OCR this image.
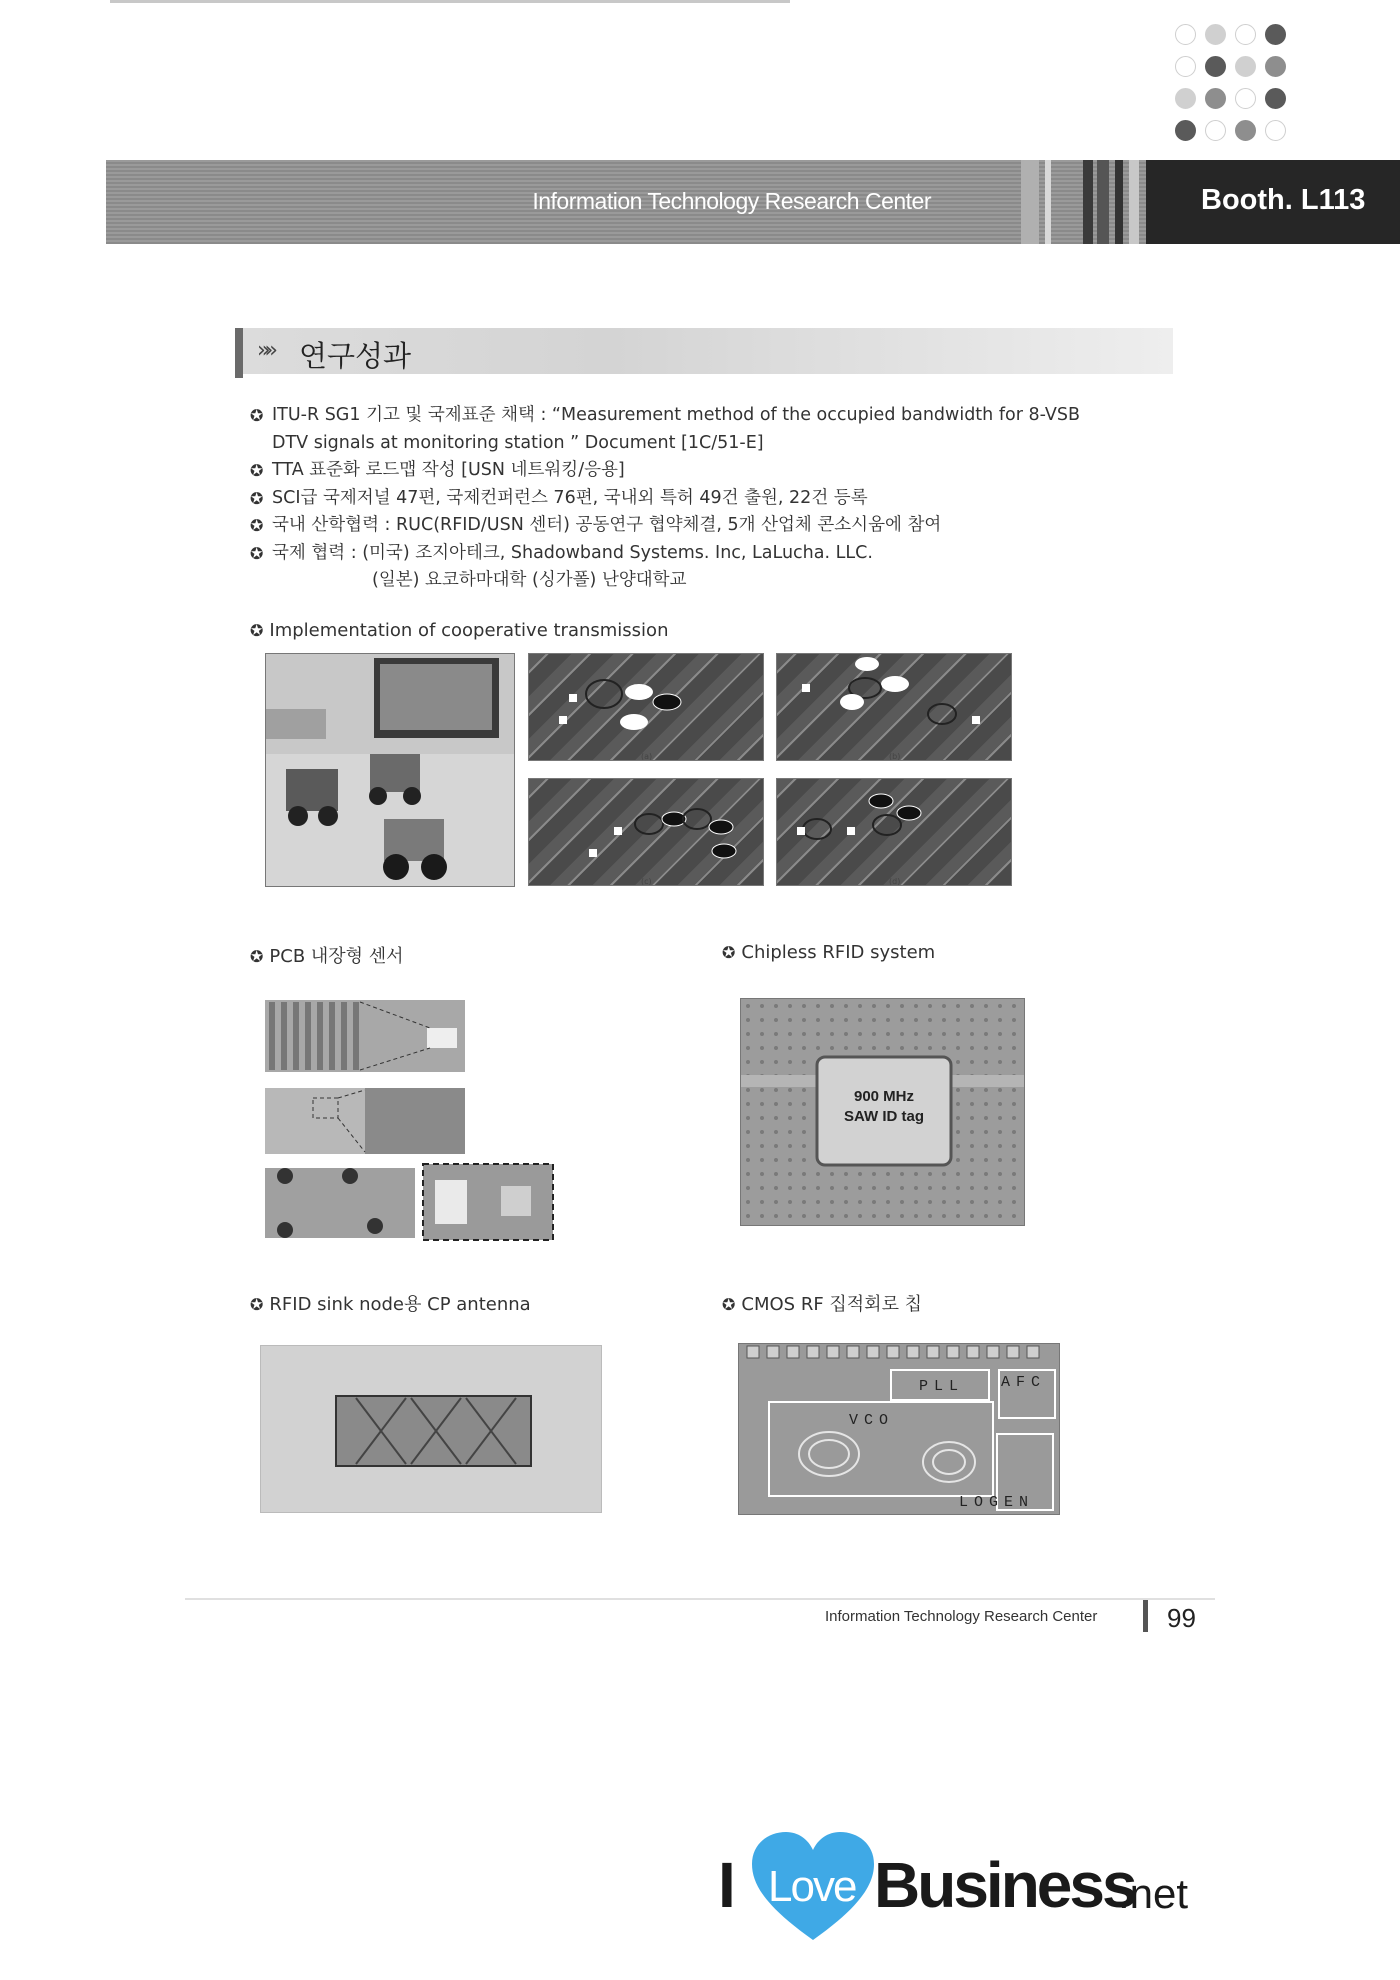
Information Technology Research Center	Booth. L113
»» 연구성과
✪ ITU-R SG1 기고 및 국제표준 채택 : “Measurement method of the occupied bandwidth for 8-VSB
DTV signals at monitoring station ” Document [1C/51-E]
✪ TTA 표준화 로드맵 작성 [USN 네트워킹/응용]
✪ SCI급 국제저널 47편, 국제컨퍼런스 76편, 국내외 특허 49건 출원, 22건 등록
✪ 국내 산학협력 : RUC(RFID/USN 센터) 공동연구 협약체결, 5개 산업체 콘소시움에 참여
✪ 국제 협력 : (미국) 조지아테크, Shadowband Systems. Inc, LaLucha. LLC.
(일본) 요코하마대학 (싱가폴) 난양대학교
✪ Implementation of cooperative transmission
(a)	(b)
(c)	(d)
✪ PCB 내장형 센서	✪ Chipless RFID system
900 MHz
SAW ID tag
✪ RFID sink node용 CP antenna	✪ CMOS RF 집적회로 칩
PLL AFC
VCO
LOGEN
Information Technology Research Center	99
I Love Business
.net
